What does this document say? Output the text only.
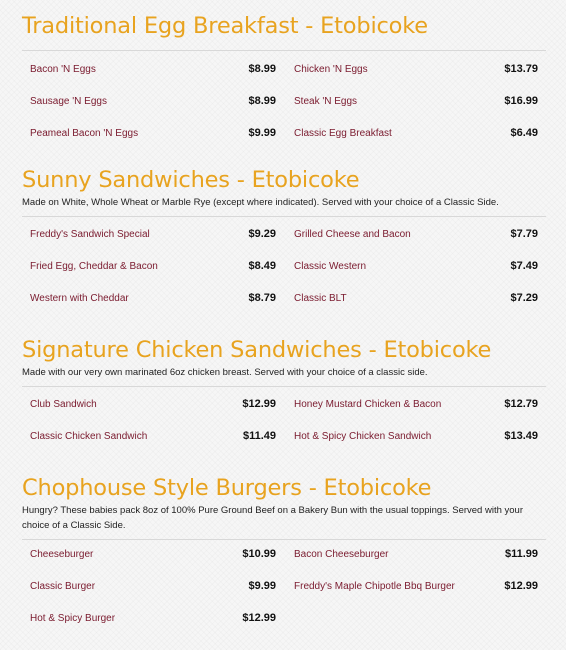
Traditional Egg Breakfast - Etobicoke
Bacon 'N Eggs	$8.99 Chicken 'N Eggs	$13.79
Sausage 'N Eggs	$8.99 Steak 'N Eggs	$16.99
Peameal Bacon 'N Eggs	$9.99 Classic Egg Breakfast	$6.49
Sunny Sandwiches - Etobicoke
Made on White, Whole Wheat or Marble Rye (except where indicated). Served with your choice of a Classic Side.
Freddy's Sandwich Special	$9.29 Grilled Cheese and Bacon	$7.79
Fried Egg, Cheddar & Bacon	$8.49 Classic Western	$7.49
Western with Cheddar	$8.79 Classic BLT	$7.29
Signature Chicken Sandwiches - Etobicoke
Made with our very own marinated 6oz chicken breast. Served with your choice of a classic side.
Club Sandwich	$12.99 Honey Mustard Chicken & Bacon	$12.79
Classic Chicken Sandwich	$11.49 Hot & Spicy Chicken Sandwich	$13.49
Chophouse Style Burgers - Etobicoke
Hungry? These babies pack 8oz of 100% Pure Ground Beef on a Bakery Bun with the usual toppings. Served with your choice of a Classic Side.
Cheeseburger	$10.99 Bacon Cheeseburger	$11.99
Classic Burger	$9.99 Freddy's Maple Chipotle Bbq Burger	$12.99
Hot & Spicy Burger	$12.99
